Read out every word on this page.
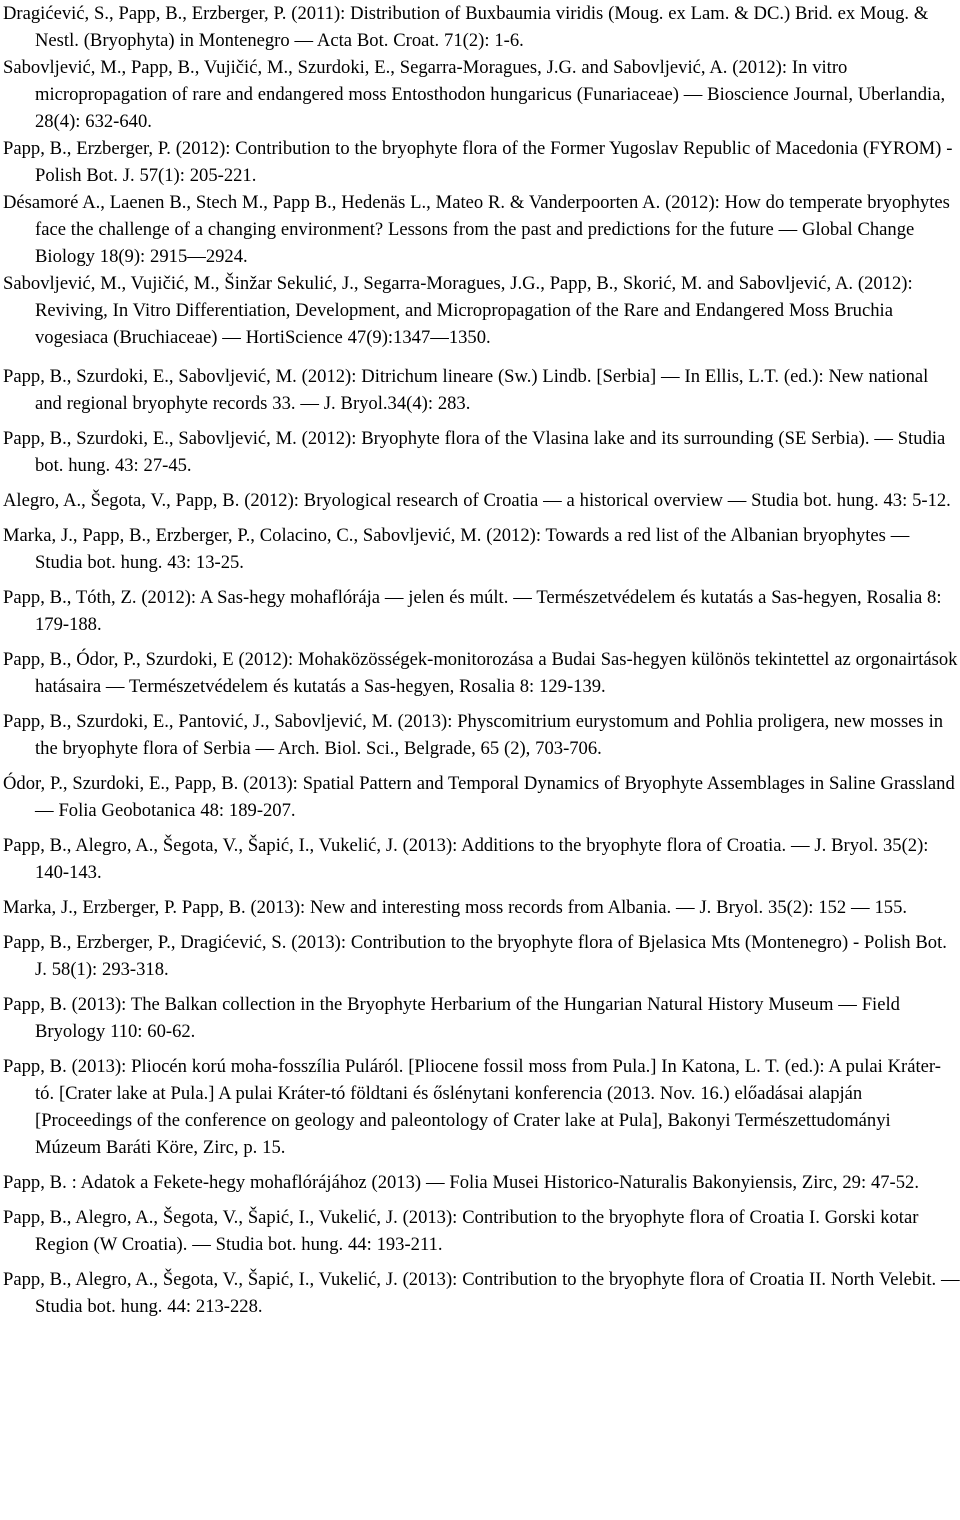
Dragićević, S., Papp, B., Erzberger, P. (2011): Distribution of Buxbaumia viridis (Moug. ex Lam. & DC.) Brid. ex Moug. & Nestl. (Bryophyta) in Montenegro — Acta Bot. Croat. 71(2): 1-6.

Sabovljević, M., Papp, B., Vujičić, M., Szurdoki, E., Segarra-Moragues, J.G. and Sabovljević, A. (2012): In vitro micropropagation of rare and endangered moss Entosthodon hungaricus (Funariaceae) — Bioscience Journal, Uberlandia, 28(4): 632-640.

Papp, B., Erzberger, P. (2012): Contribution to the bryophyte flora of the Former Yugoslav Republic of Macedonia (FYROM) - Polish Bot. J. 57(1): 205-221.

Désamoré A., Laenen B., Stech M., Papp B., Hedenäs L., Mateo R. & Vanderpoorten A. (2012): How do temperate bryophytes face the challenge of a changing environment? Lessons from the past and predictions for the future — Global Change Biology 18(9): 2915—2924.

Sabovljević, M., Vujičić, M., Šinžar Sekulić, J., Segarra-Moragues, J.G., Papp, B., Skorić, M. and Sabovljević, A. (2012): Reviving, In Vitro Differentiation, Development, and Micropropagation of the Rare and Endangered Moss Bruchia vogesiaca (Bruchiaceae) — HortiScience 47(9):1347—1350.

Papp, B., Szurdoki, E., Sabovljević, M. (2012): Ditrichum lineare (Sw.) Lindb. [Serbia] — In Ellis, L.T. (ed.): New national and regional bryophyte records 33. — J. Bryol.34(4): 283.

Papp, B., Szurdoki, E., Sabovljević, M. (2012): Bryophyte flora of the Vlasina lake and its surrounding (SE Serbia). — Studia bot. hung. 43: 27-45.

Alegro, A., Šegota, V., Papp, B. (2012): Bryological research of Croatia — a historical overview — Studia bot. hung. 43: 5-12.

Marka, J., Papp, B., Erzberger, P., Colacino, C., Sabovljević, M. (2012): Towards a red list of the Albanian bryophytes — Studia bot. hung. 43: 13-25.

Papp, B., Tóth, Z. (2012): A Sas-hegy mohaflórája — jelen és múlt. — Természetvédelem és kutatás a Sas-hegyen, Rosalia 8: 179-188.

Papp, B., Ódor, P., Szurdoki, E (2012): Mohaközösségek-monitorozása a Budai Sas-hegyen különös tekintettel az orgonairtások hatásaira — Természetvédelem és kutatás a Sas-hegyen, Rosalia 8: 129-139.

Papp, B., Szurdoki, E., Pantović, J., Sabovljević, M. (2013): Physcomitrium eurystomum and Pohlia proligera, new mosses in the bryophyte flora of Serbia — Arch. Biol. Sci., Belgrade, 65 (2), 703-706.

Ódor, P., Szurdoki, E., Papp, B. (2013): Spatial Pattern and Temporal Dynamics of Bryophyte Assemblages in Saline Grassland — Folia Geobotanica 48: 189-207.

Papp, B., Alegro, A., Šegota, V., Šapić, I., Vukelić, J. (2013): Additions to the bryophyte flora of Croatia. — J. Bryol. 35(2): 140-143.

Marka, J., Erzberger, P. Papp, B. (2013): New and interesting moss records from Albania. — J. Bryol. 35(2): 152 — 155.

Papp, B., Erzberger, P., Dragićević, S. (2013): Contribution to the bryophyte flora of Bjelasica Mts (Montenegro) - Polish Bot. J. 58(1): 293-318.

Papp, B. (2013): The Balkan collection in the Bryophyte Herbarium of the Hungarian Natural History Museum — Field Bryology 110: 60-62.

Papp, B. (2013): Pliocén korú moha-fosszília Puláról. [Pliocene fossil moss from Pula.] In Katona, L. T. (ed.): A pulai Kráter-tó. [Crater lake at Pula.] A pulai Kráter-tó földtani és őslénytani konferencia (2013. Nov. 16.) előadásai alapján [Proceedings of the conference on geology and paleontology of Crater lake at Pula], Bakonyi Természettudományi Múzeum Baráti Köre, Zirc, p. 15.

Papp, B. : Adatok a Fekete-hegy mohaflórájához (2013) — Folia Musei Historico-Naturalis Bakonyiensis, Zirc, 29: 47-52.

Papp, B., Alegro, A., Šegota, V., Šapić, I., Vukelić, J. (2013): Contribution to the bryophyte flora of Croatia I. Gorski kotar Region (W Croatia). — Studia bot. hung. 44: 193-211.

Papp, B., Alegro, A., Šegota, V., Šapić, I., Vukelić, J. (2013): Contribution to the bryophyte flora of Croatia II. North Velebit. — Studia bot. hung. 44: 213-228.
